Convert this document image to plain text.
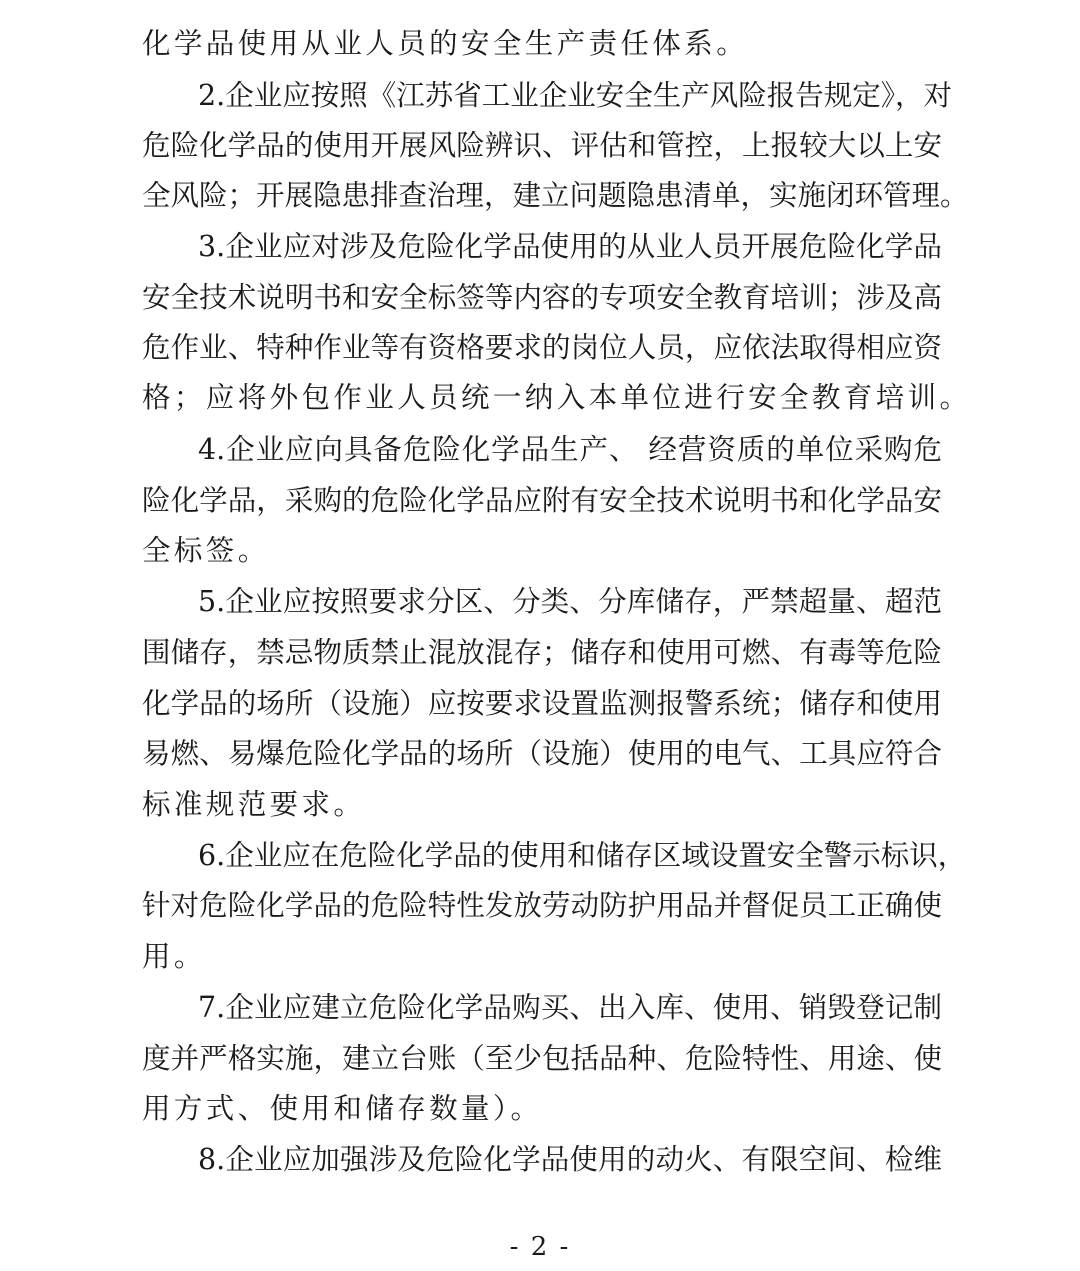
化学品使用从业人员的安全生产责任体系。
2.企业应按照《江苏省工业企业安全生产风险报告规定》，对
危险化学品的使用开展风险辨识、评估和管控，上报较大以上安
全风险；开展隐患排查治理，建立问题隐患清单，实施闭环管理。
3.企业应对涉及危险化学品使用的从业人员开展危险化学品
安全技术说明书和安全标签等内容的专项安全教育培训；涉及高
危作业、特种作业等有资格要求的岗位人员，应依法取得相应资
格；应将外包作业人员统一纳入本单位进行安全教育培训。
4.企业应向具备危险化学品生产、 经营资质的单位采购危
险化学品，采购的危险化学品应附有安全技术说明书和化学品安
全标签。
5.企业应按照要求分区、分类、分库储存，严禁超量、超范
围储存，禁忌物质禁止混放混存；储存和使用可燃、有毒等危险
化学品的场所（设施）应按要求设置监测报警系统；储存和使用
易燃、易爆危险化学品的场所（设施）使用的电气、工具应符合
标准规范要求。
6.企业应在危险化学品的使用和储存区域设置安全警示标识，
针对危险化学品的危险特性发放劳动防护用品并督促员工正确使
用。
7.企业应建立危险化学品购买、出入库、使用、销毁登记制
度并严格实施，建立台账（至少包括品种、危险特性、用途、使
用方式、使用和储存数量）。
8.企业应加强涉及危险化学品使用的动火、有限空间、检维
- 2 -
